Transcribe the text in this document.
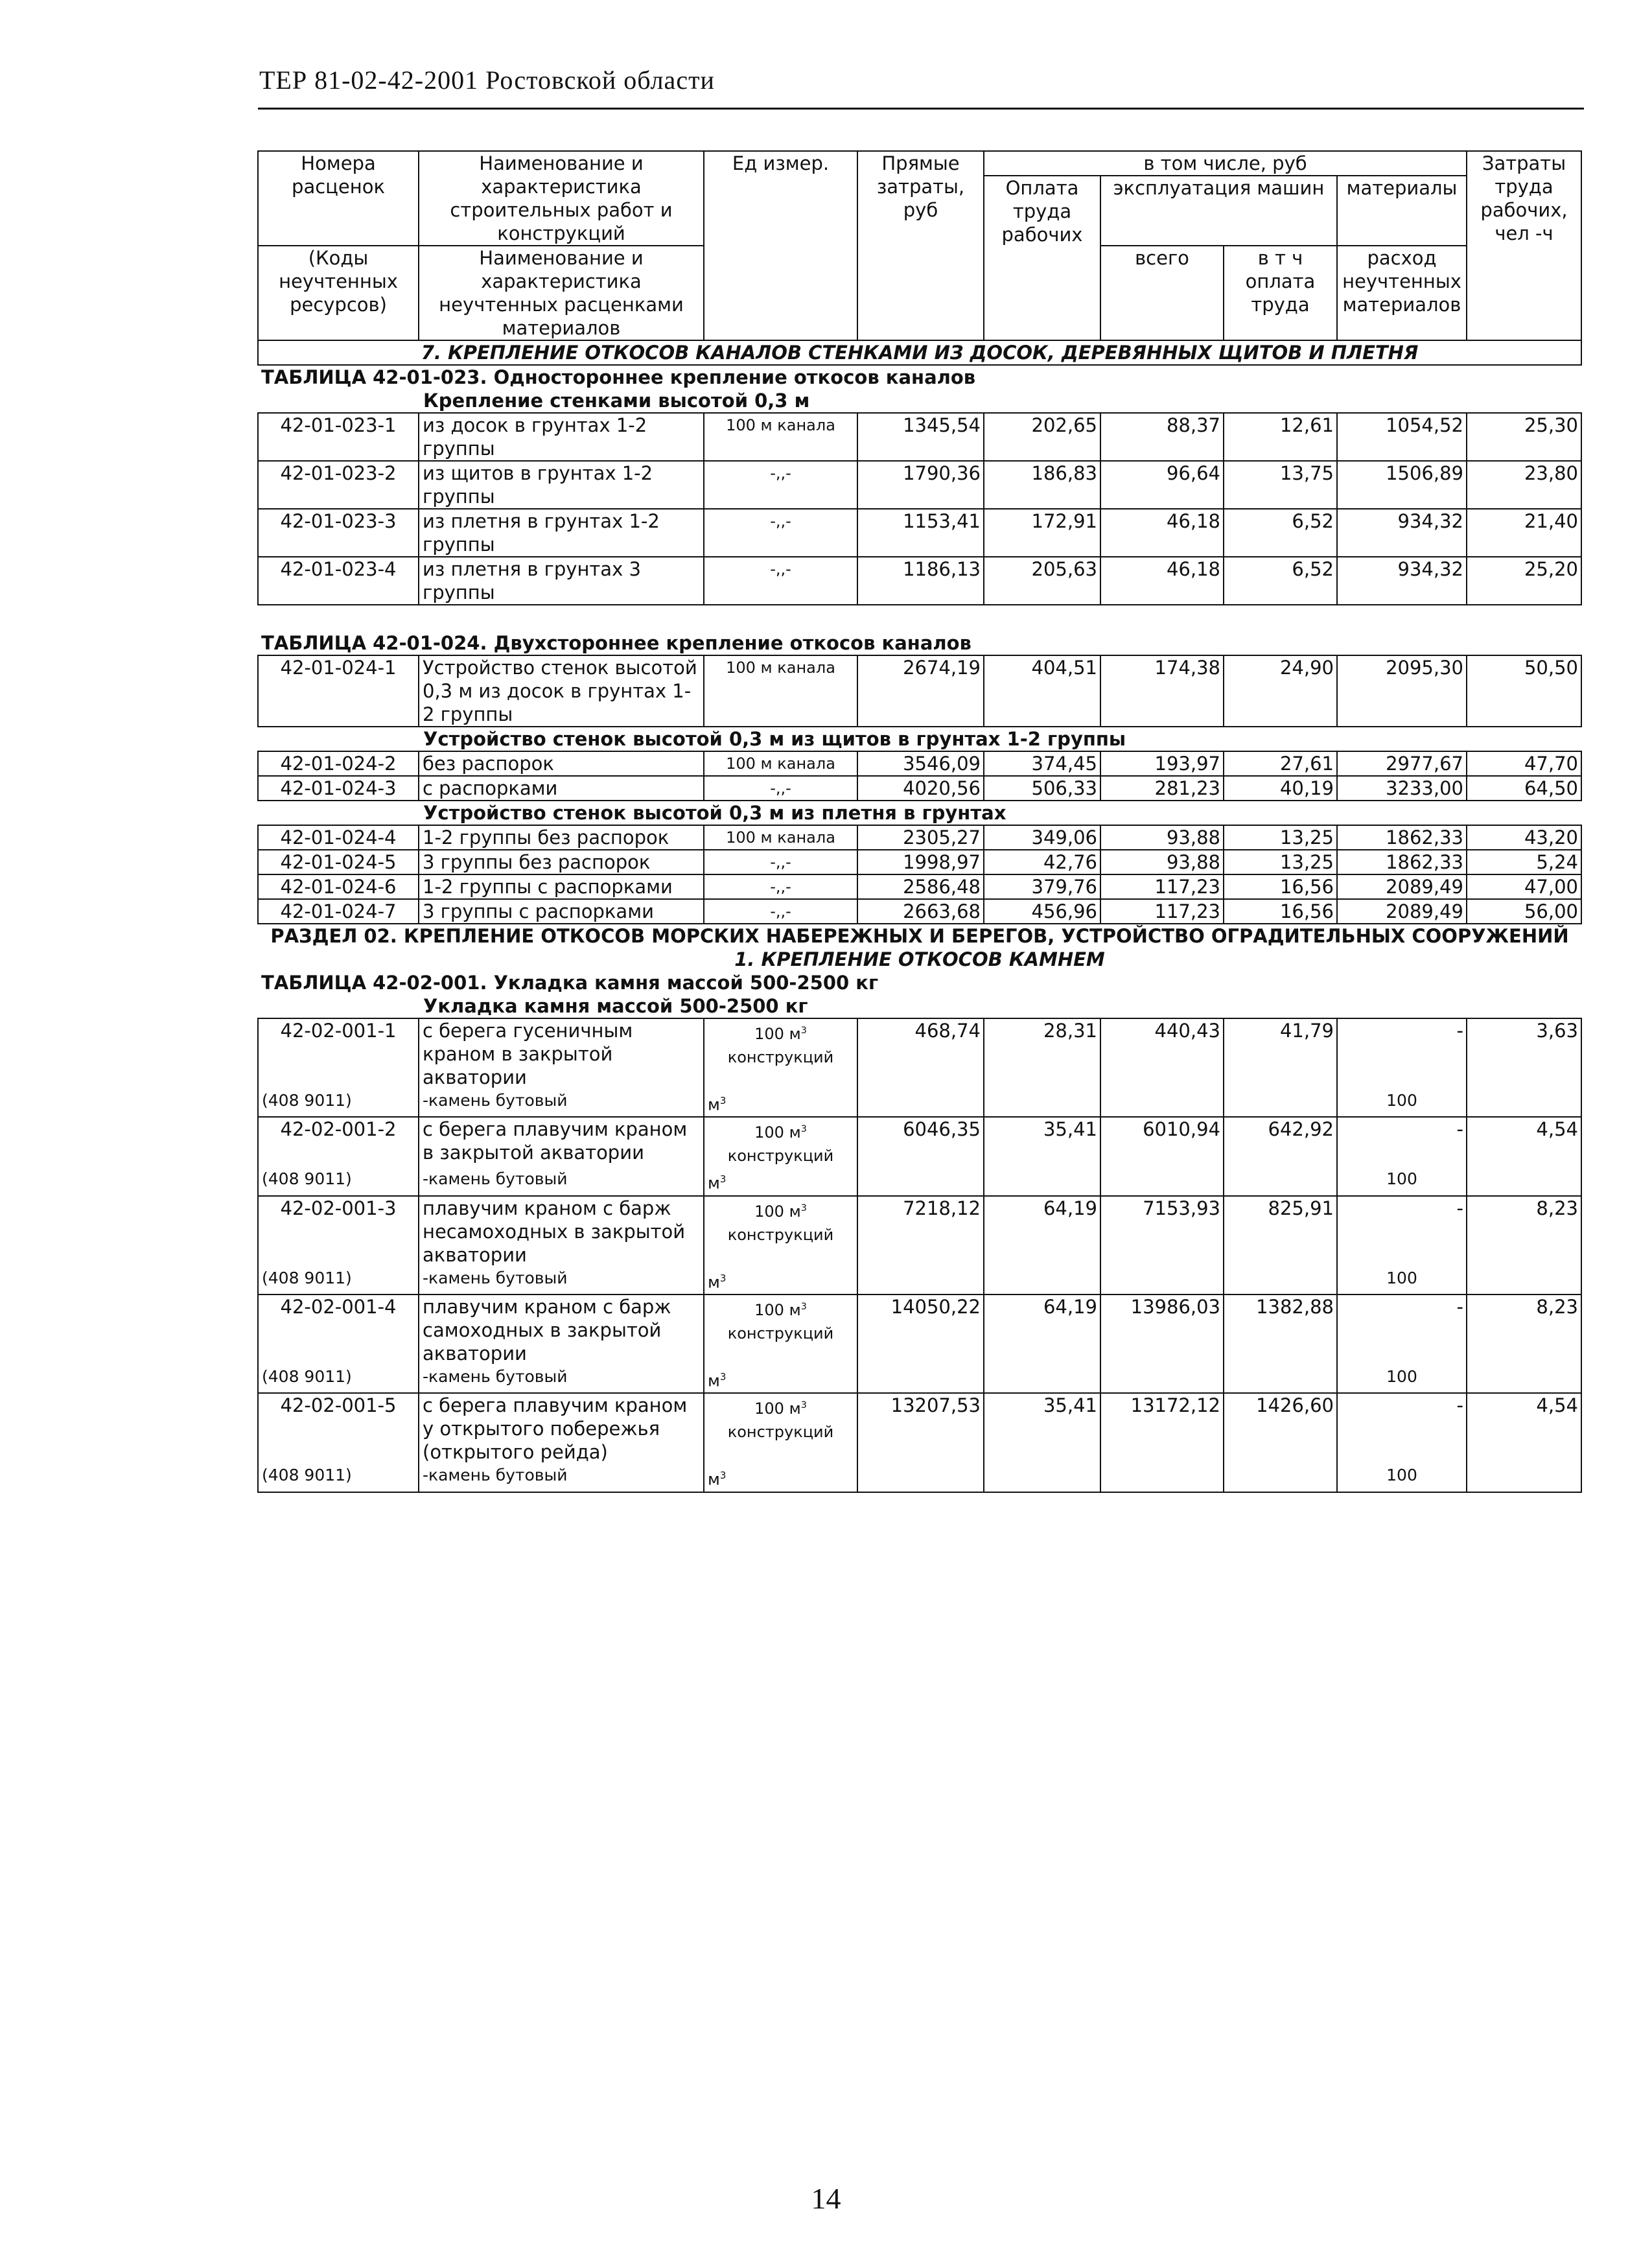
ТЕР 81-02-42-2001 Ростовской области
Номера расценок	Наименование и характеристика строительных работ и конструкций	Ед измер.	Прямые затраты, руб	в том числе, руб				Затраты труда рабочих, чел -ч
				Оплата труда рабочих	эксплуатация машин		материалы	
(Коды неучтенных ресурсов)	Наименование и характеристика неучтенных расценками материалов				всего	в т ч оплата труда	расход неучтенных материалов	

7. КРЕПЛЕНИЕ ОТКОСОВ КАНАЛОВ СТЕНКАМИ ИЗ ДОСОК, ДЕРЕВЯННЫХ ЩИТОВ И ПЛЕТНЯ								
ТАБЛИЦА 42-01-023. Одностороннее крепление откосов каналов								
Крепление стенками высотой 0,3 м								
42-01-023-1	из досок в грунтах 1-2 группы	100 м канала	1345,54	202,65	88,37	12,61	1054,52	25,30
42-01-023-2	из щитов в грунтах 1-2 группы	-,,-	1790,36	186,83	96,64	13,75	1506,89	23,80
42-01-023-3	из плетня в грунтах 1-2 группы	-,,-	1153,41	172,91	46,18	6,52	934,32	21,40
42-01-023-4	из плетня в грунтах 3 группы	-,,-	1186,13	205,63	46,18	6,52	934,32	25,20

ТАБЛИЦА 42-01-024. Двухстороннее крепление откосов каналов								
42-01-024-1	Устройство стенок высотой 0,3 м из досок в грунтах 1-2 группы	100 м канала	2674,19	404,51	174,38	24,90	2095,30	50,50
Устройство стенок высотой 0,3 м из щитов в грунтах 1-2 группы								
42-01-024-2	без распорок	100 м канала	3546,09	374,45	193,97	27,61	2977,67	47,70
42-01-024-3	с распорками	-,,-	4020,56	506,33	281,23	40,19	3233,00	64,50
Устройство стенок высотой 0,3 м из плетня в грунтах								
42-01-024-4	1-2 группы без распорок	100 м канала	2305,27	349,06	93,88	13,25	1862,33	43,20
42-01-024-5	3 группы без распорок	-,,-	1998,97	42,76	93,88	13,25	1862,33	5,24
42-01-024-6	1-2 группы с распорками	-,,-	2586,48	379,76	117,23	16,56	2089,49	47,00
42-01-024-7	3 группы с распорками	-,,-	2663,68	456,96	117,23	16,56	2089,49	56,00
РАЗДЕЛ 02. КРЕПЛЕНИЕ ОТКОСОВ МОРСКИХ НАБЕРЕЖНЫХ И БЕРЕГОВ, УСТРОЙСТВО ОГРАДИТЕЛЬНЫХ СООРУЖЕНИЙ								
1. КРЕПЛЕНИЕ ОТКОСОВ КАМНЕМ								
ТАБЛИЦА 42-02-001. Укладка камня массой 500-2500 кг								
Укладка камня массой 500-2500 кг								
42-02-001-1	с берега гусеничным краном в закрытой акватории	100 $м^3$ конструкций	468,74	28,31	440,43	41,79	-	3,63
(408 9011)	-камень бутовый	$м^3$					100	
42-02-001-2	с берега плавучим краном в закрытой акватории	100 $м^3$ конструкций	6046,35	35,41	6010,94	642,92	-	4,54
(408 9011)	-камень бутовый	$м^3$					100	
42-02-001-3	плавучим краном с барж несамоходных в закрытой акватории	100 $м^3$ конструкций	7218,12	64,19	7153,93	825,91	-	8,23
(408 9011)	-камень бутовый	$м^3$					100	
42-02-001-4	плавучим краном с барж самоходных в закрытой акватории	100 $м^3$ конструкций	14050,22	64,19	13986,03	1382,88	-	8,23
(408 9011)	-камень бутовый	$м^3$					100	
42-02-001-5	с берега плавучим краном у открытого побережья (открытого рейда)	100 $м^3$ конструкций	13207,53	35,41	13172,12	1426,60	-	4,54
(408 9011)	-камень бутовый	$м^3$					100	
14
